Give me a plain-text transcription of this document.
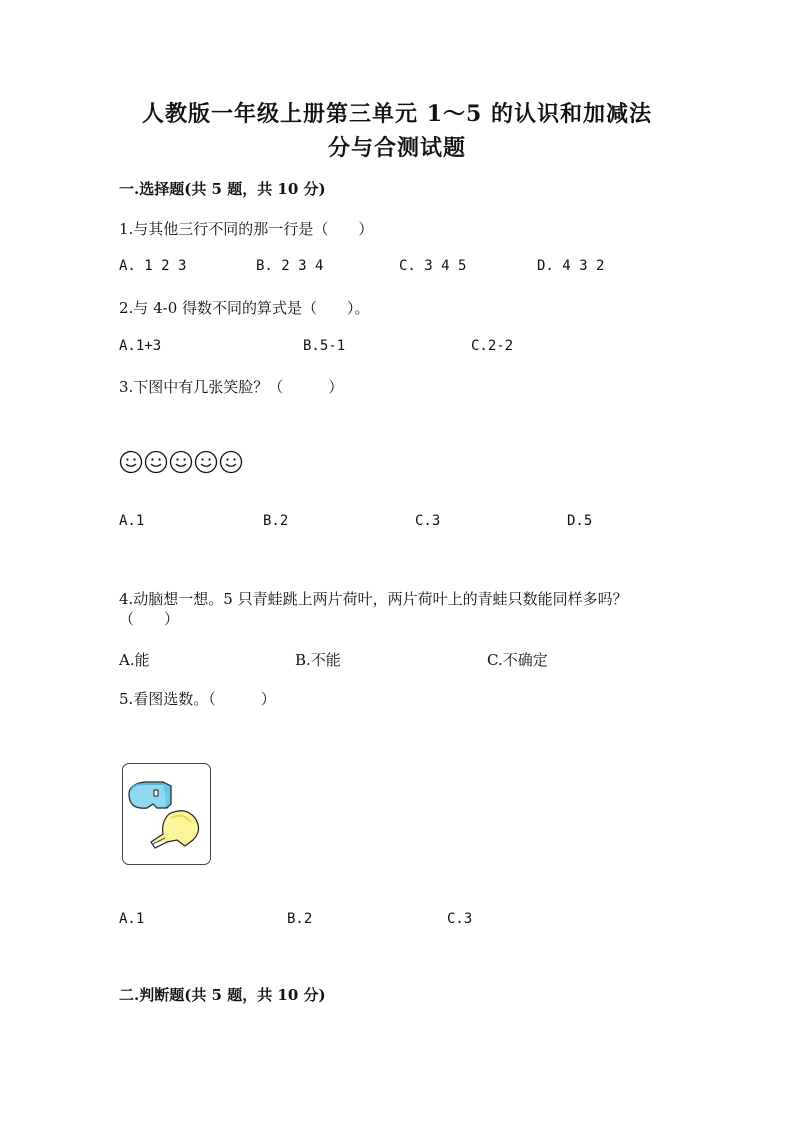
人教版一年级上册第三单元 1～5 的认识和加减法
分与合测试题
一.选择题(共 5 题，共 10 分)
1.与其他三行不同的那一行是（　　）
A. 1 2 3	B. 2 3 4	C. 3 4 5	D. 4 3 2
2.与 4-0 得数不同的算式是（　　）。
A.1+3	B.5-1	C.2-2
3.下图中有几张笑脸？（　　　）
A.1	B.2	C.3	D.5
4.动脑想一想。5 只青蛙跳上两片荷叶，两片荷叶上的青蛙只数能同样多吗？
（　　）
A.能	B.不能	C.不确定
5.看图选数。（　　　）
A.1	B.2	C.3
二.判断题(共 5 题，共 10 分)
